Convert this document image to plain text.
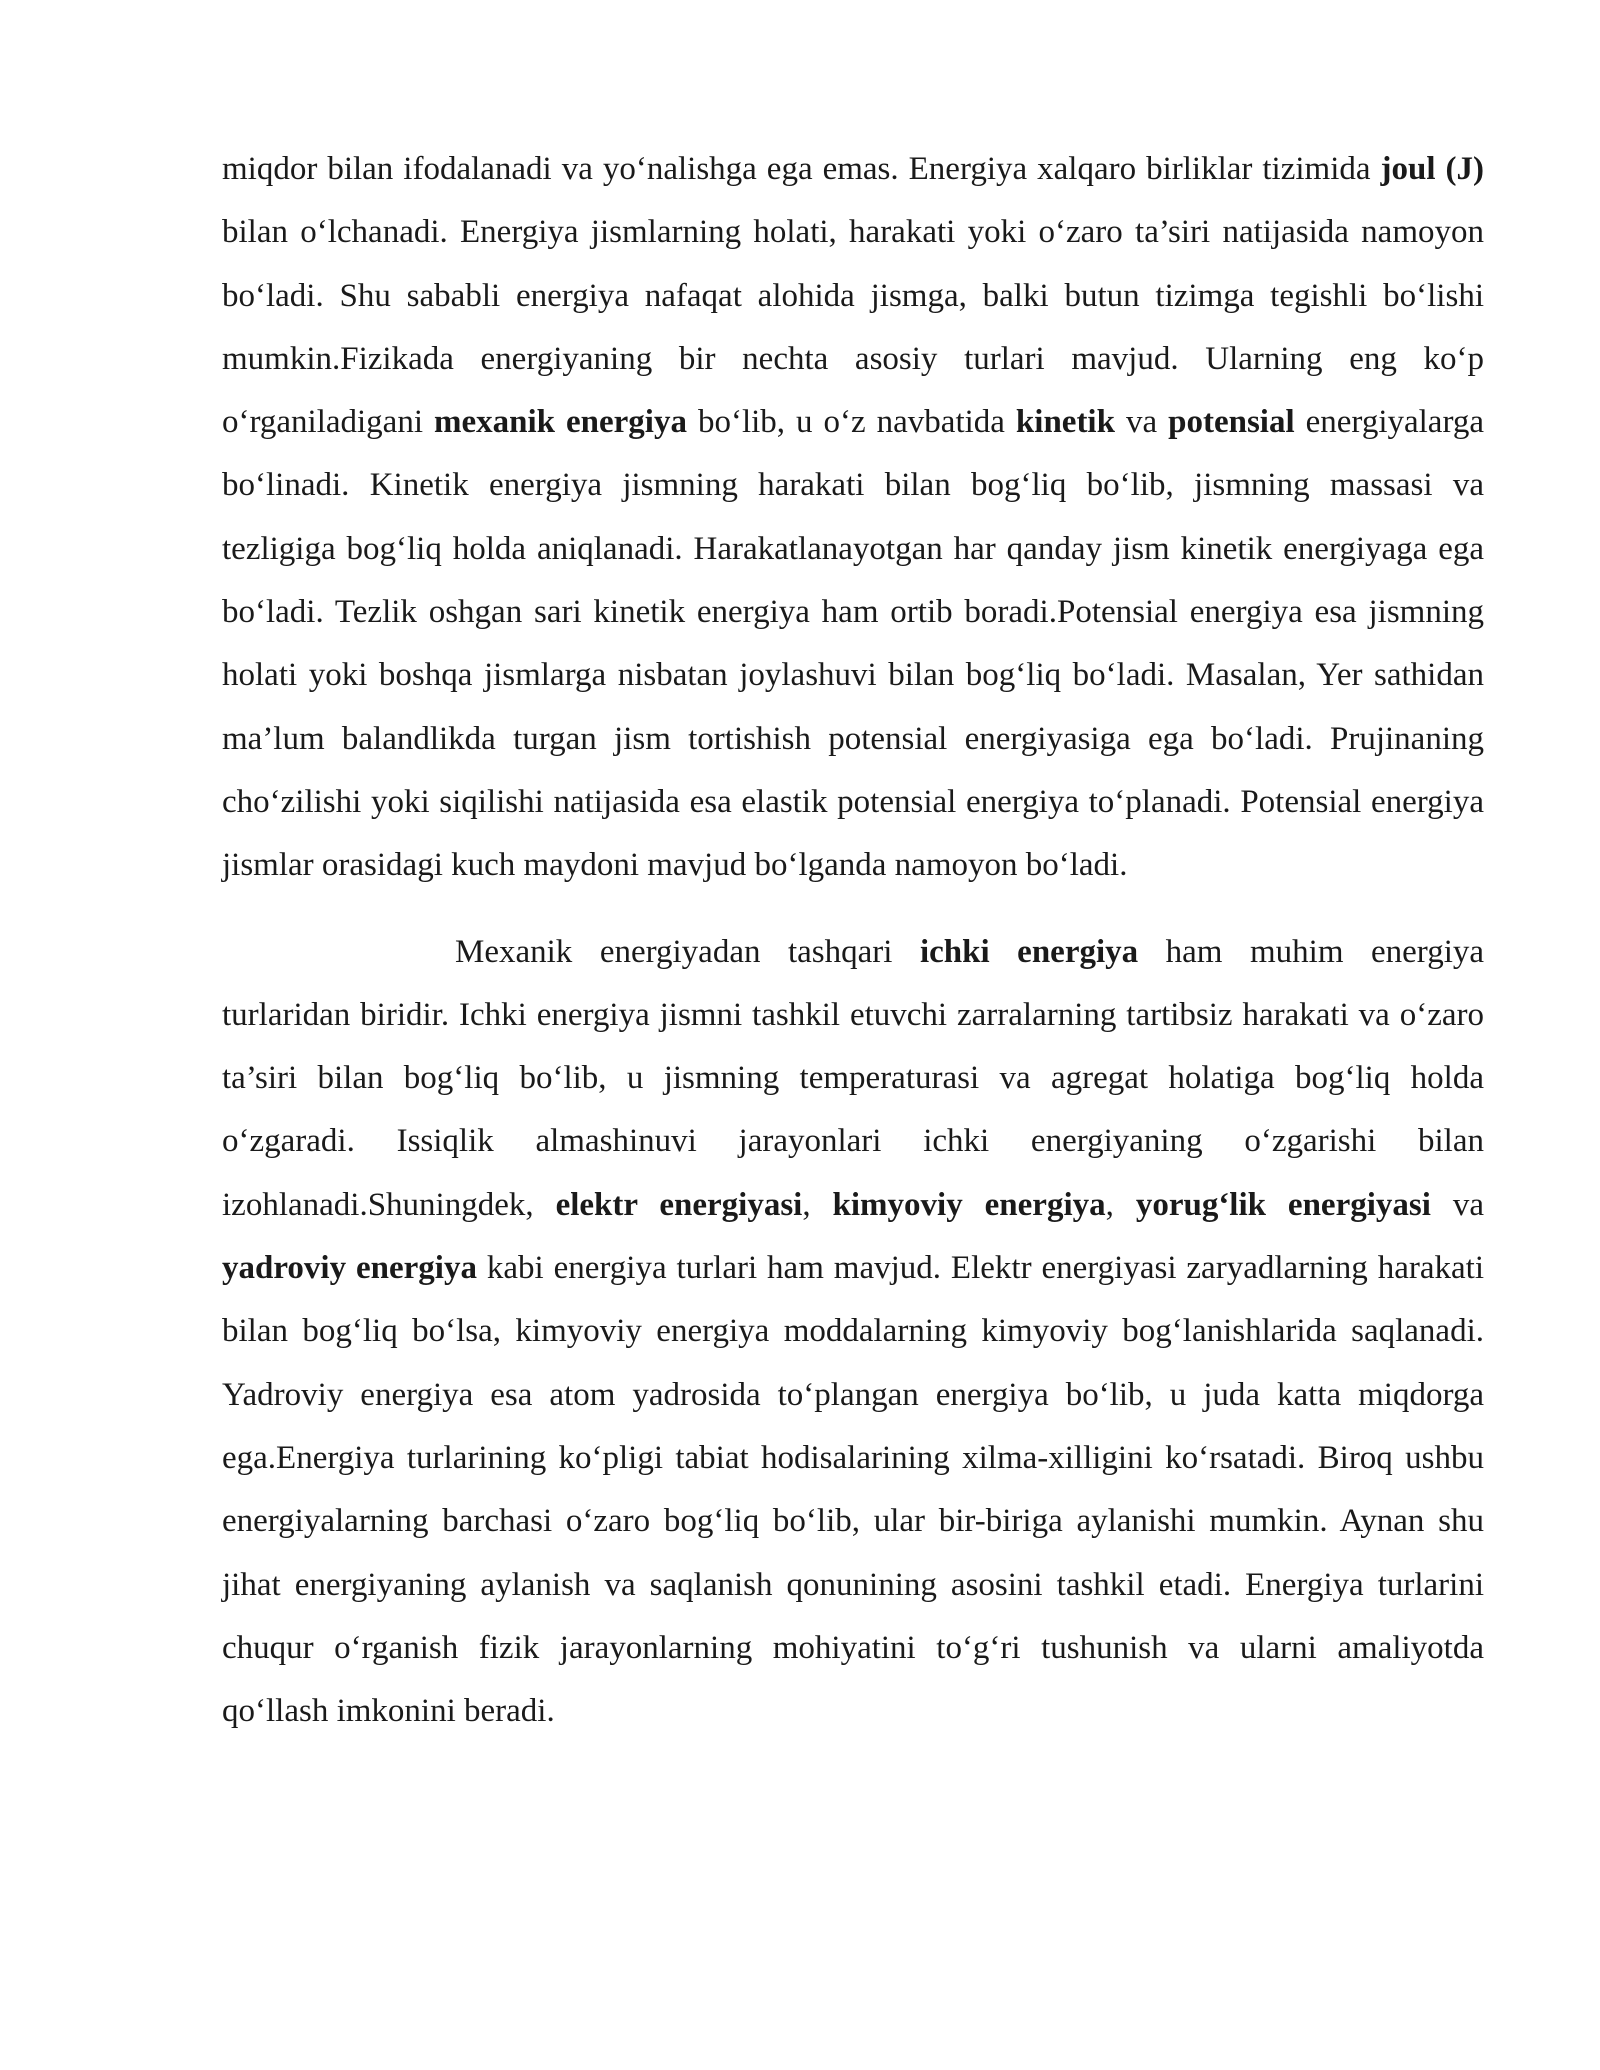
miqdor bilan ifodalanadi va yo‘nalishga ega emas. Energiya xalqaro birliklar tizimida joul (J) bilan o‘lchanadi. Energiya jismlarning holati, harakati yoki o‘zaro ta’siri natijasida namoyon bo‘ladi. Shu sababli energiya nafaqat alohida jismga, balki butun tizimga tegishli bo‘lishi mumkin.Fizikada energiyaning bir nechta asosiy turlari mavjud. Ularning eng ko‘p o‘rganiladigani mexanik energiya bo‘lib, u o‘z navbatida kinetik va potensial energiyalarga bo‘linadi. Kinetik energiya jismning harakati bilan bog‘liq bo‘lib, jismning massasi va tezligiga bog‘liq holda aniqlanadi. Harakatlanayotgan har qanday jism kinetik energiyaga ega bo‘ladi. Tezlik oshgan sari kinetik energiya ham ortib boradi.Potensial energiya esa jismning holati yoki boshqa jismlarga nisbatan joylashuvi bilan bog‘liq bo‘ladi. Masalan, Yer sathidan ma’lum balandlikda turgan jism tortishish potensial energiyasiga ega bo‘ladi. Prujinaning cho‘zilishi yoki siqilishi natijasida esa elastik potensial energiya to‘planadi. Potensial energiya jismlar orasidagi kuch maydoni mavjud bo‘lganda namoyon bo‘ladi.

Mexanik energiyadan tashqari ichki energiya ham muhim energiya turlaridan biridir. Ichki energiya jismni tashkil etuvchi zarralarning tartibsiz harakati va o‘zaro ta’siri bilan bog‘liq bo‘lib, u jismning temperaturasi va agregat holatiga bog‘liq holda o‘zgaradi. Issiqlik almashinuvi jarayonlari ichki energiyaning o‘zgarishi bilan izohlanadi.Shuningdek, elektr energiyasi, kimyoviy energiya, yorug‘lik energiyasi va yadroviy energiya kabi energiya turlari ham mavjud. Elektr energiyasi zaryadlarning harakati bilan bog‘liq bo‘lsa, kimyoviy energiya moddalarning kimyoviy bog‘lanishlarida saqlanadi. Yadroviy energiya esa atom yadrosida to‘plangan energiya bo‘lib, u juda katta miqdorga ega.Energiya turlarining ko‘pligi tabiat hodisalarining xilma-xilligini ko‘rsatadi. Biroq ushbu energiyalarning barchasi o‘zaro bog‘liq bo‘lib, ular bir-biriga aylanishi mumkin. Aynan shu jihat energiyaning aylanish va saqlanish qonunining asosini tashkil etadi. Energiya turlarini chuqur o‘rganish fizik jarayonlarning mohiyatini to‘g‘ri tushunish va ularni amaliyotda qo‘llash imkonini beradi.
